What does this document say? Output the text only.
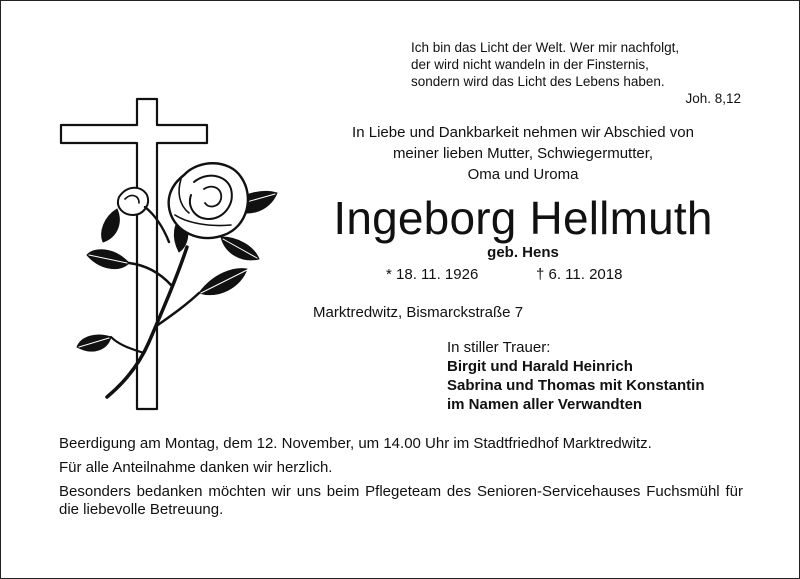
Ich bin das Licht der Welt. Wer mir nachfolgt,
der wird nicht wandeln in der Finsternis,
sondern wird das Licht des Lebens haben.
Joh. 8,12
In Liebe und Dankbarkeit nehmen wir Abschied von
meiner lieben Mutter, Schwiegermutter,
Oma und Uroma
Ingeborg Hellmuth
geb. Hens
* 18. 11. 1926	† 6. 11. 2018
Marktredwitz, Bismarckstraße 7
In stiller Trauer:
Birgit und Harald Heinrich
Sabrina und Thomas mit Konstantin
im Namen aller Verwandten

Beerdigung am Montag, dem 12. November, um 14.00 Uhr im Stadtfriedhof Marktredwitz.

Für alle Anteilnahme danken wir herzlich.

Besonders bedanken möchten wir uns beim Pflegeteam des Senioren-Servicehauses Fuchsmühl für die liebevolle Betreuung.
